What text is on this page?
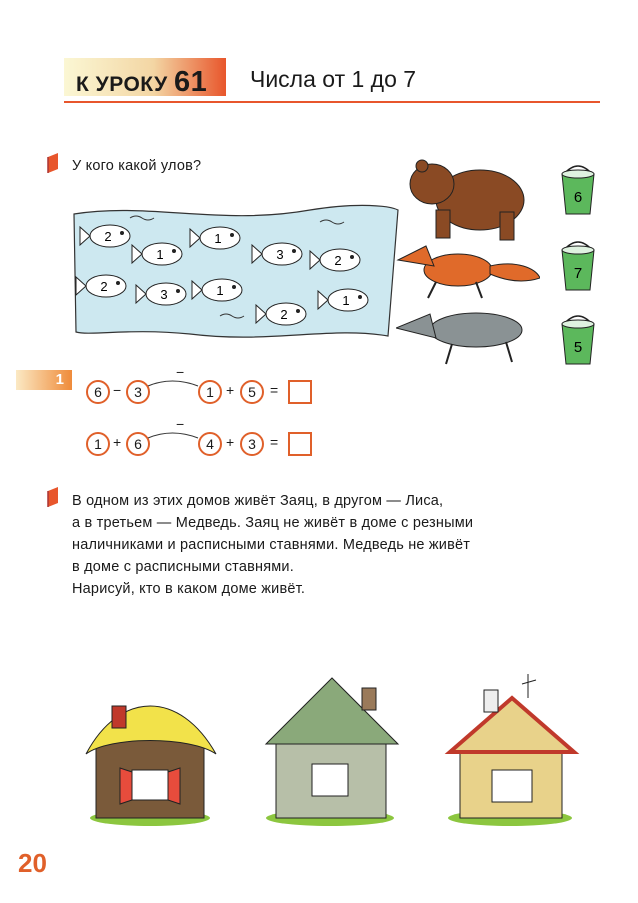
К УРОКУ 61 Числа от 1 до 7
У кого какой улов?
2
1
1
3	2
2
3	1
2
1
6
7
5
1
6 − 3
−
1 + 5	=
1 + 6
−
4 + 3	=
В одном из этих домов живёт Заяц, в другом — Лиса,
а в третьем — Медведь. Заяц не живёт в доме с резными
наличниками и расписными ставнями. Медведь не живёт
в доме с расписными ставнями.
Нарисуй, кто в каком доме живёт.
20
